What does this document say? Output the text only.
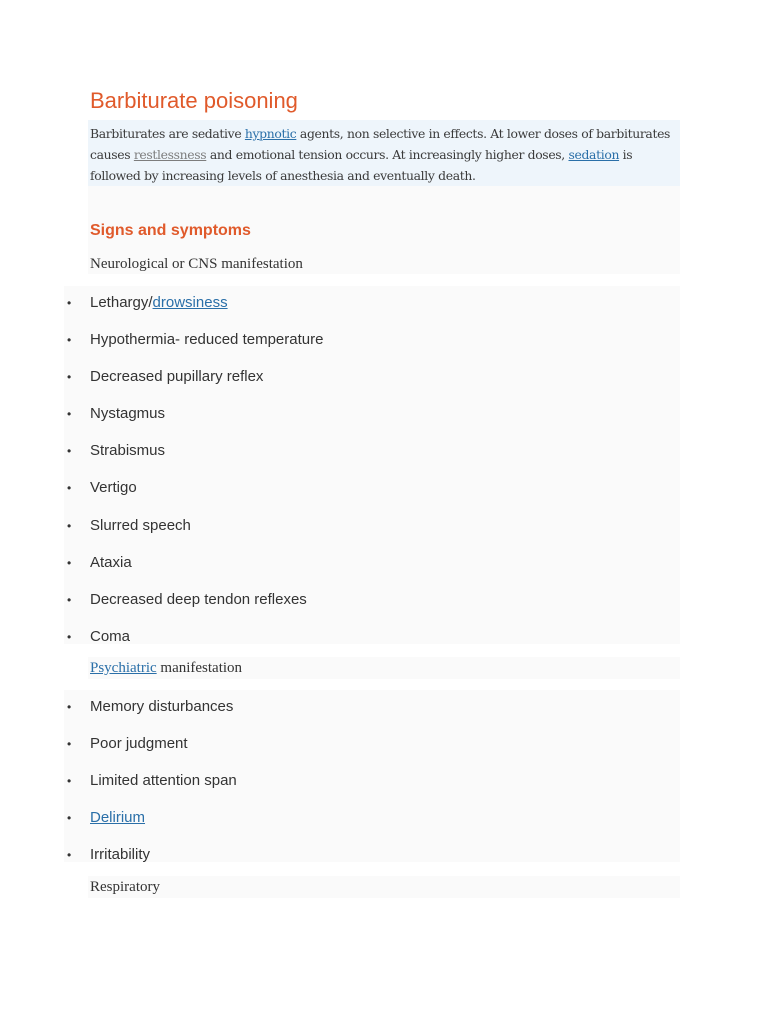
Barbiturate poisoning

Barbiturates are sedative hypnotic agents, non selective in effects. At lower doses of barbiturates causes restlessness and emotional tension occurs. At increasingly higher doses, sedation is followed by increasing levels of anesthesia and eventually death.

Signs and symptoms
Neurological or CNS manifestation
• Lethargy/drowsiness
• Hypothermia- reduced temperature
• Decreased pupillary reflex
• Nystagmus
• Strabismus
• Vertigo
• Slurred speech
• Ataxia
• Decreased deep tendon reflexes
• Coma
Psychiatric manifestation
• Memory disturbances
• Poor judgment
• Limited attention span
• Delirium
• Irritability
Respiratory
